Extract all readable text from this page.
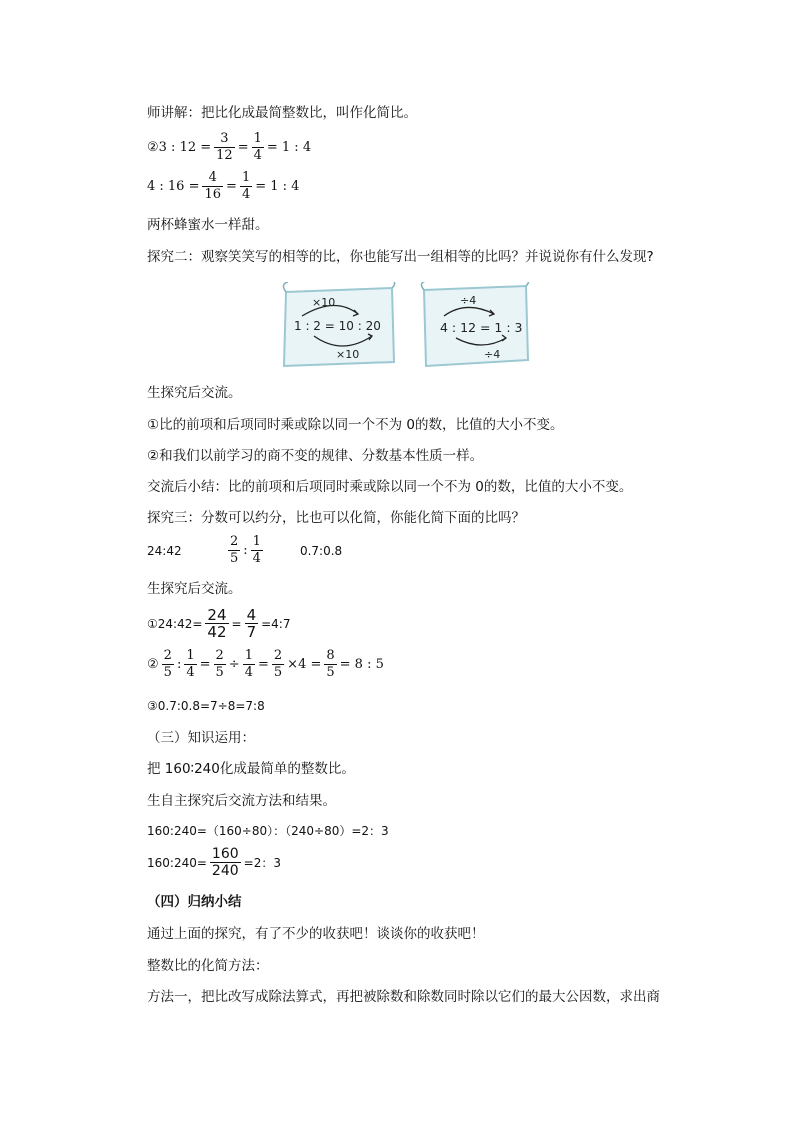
师讲解：把比化成最简整数比，叫作化简比。
②3 : $12 = \frac{3}{12} = \frac{1}{4} = 1$ : 4
4 : $16 = \frac{4}{16} = \frac{1}{4} = 1$ : 4
两杯蜂蜜水一样甜。
探究二：观察笑笑写的相等的比，你也能写出一组相等的比吗？并说说你有什么发现?
×10
1 : 2 = 10 : 20
×10
÷4
4 : 12 = 1 : 3
÷4
生探究后交流。
①比的前项和后项同时乘或除以同一个不为 0的数，比值的大小不变。
②和我们以前学习的商不变的规律、分数基本性质一样。
交流后小结：比的前项和后项同时乘或除以同一个不为 0的数，比值的大小不变。
探究三：分数可以约分，比也可以化简，你能化简下面的比吗？
24:42	$\frac{2}{5}$ : $\frac{1}{4}$	0.7:0.8
生探究后交流。
①24:42= $\frac{24}{42} = \frac{4}{7}$ =4:7
② $\frac{2}{5}$ : $\frac{1}{4} = \frac{2}{5} \div \frac{1}{4} = \frac{2}{5} \times 4 = \frac{8}{5} = 8$ : 5
③0.7:0.8=7÷8=7:8
（三）知识运用：
把 160∶240化成最简单的整数比。
生自主探究后交流方法和结果。
160:240=（160÷80）：（240÷80）=2：3
160:240= $\frac{160}{240} =2$：3
（四）归纳小结
通过上面的探究，有了不少的收获吧！谈谈你的收获吧！
整数比的化简方法：
方法一，把比改写成除法算式，再把被除数和除数同时除以它们的最大公因数，求出商
